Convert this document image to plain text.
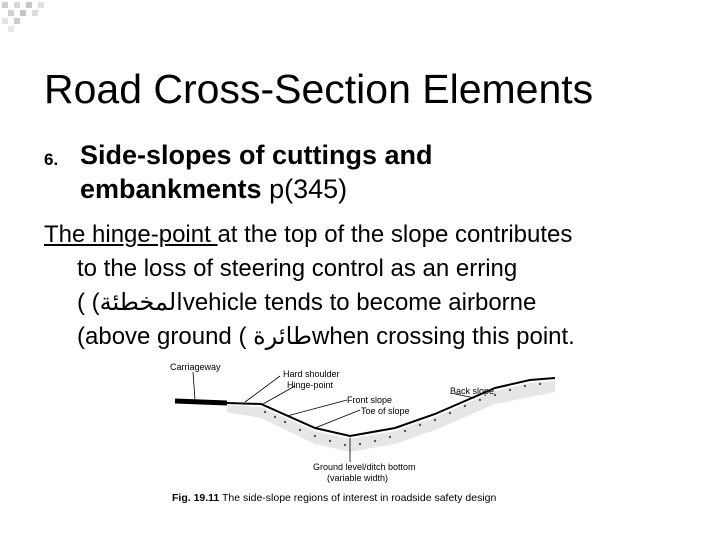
Road Cross-Section Elements
6. Side-slopes of cuttings and
embankments p(345)
The hinge-point at the top of the slope contributes
to the loss of steering control as an erring
( (المخطئةvehicle tends to become airborne
(above ground ( طائرةwhen crossing this point.
Carriageway
Hard shoulder
Hinge-point
Front slope
Toe of slope
Back slope
Ground level/ditch bottom
(variable width)
Fig. 19.11 The side-slope regions of interest in roadside safety design
